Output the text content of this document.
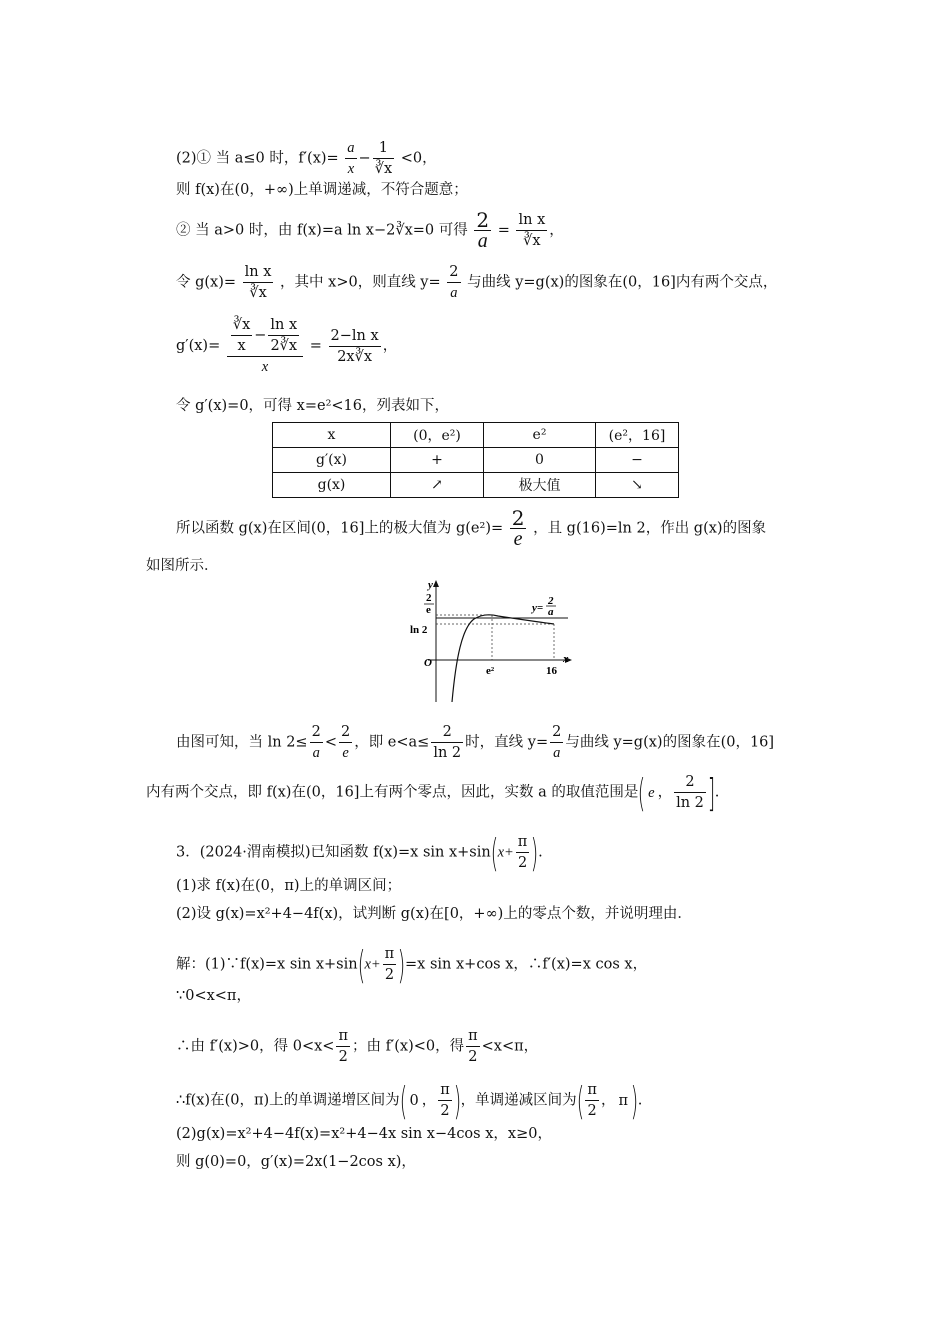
(2)① 当 a≤0 时，$f'(x)= \frac{a}{x} - \frac{1}{∛x} <0$，
则 f(x)在(0，+∞)上单调递减，不符合题意；
② 当 a>0 时，由 f(x)=a ln x−2∛x=0 可得 $\frac{2}{a} = \frac{\text{ln x}}{∛x}$ ，
令 $g(x)= \frac{\text{ln x}}{∛x}$ ，其中 x>0，则直线 $y= \frac{2}{a}$ 与曲线 y=g(x)的图象在(0，16]内有两个交点，
$g'(x)= \frac{\frac{∛x}{x} - \frac{\text{ln x}}{2∛x}}{x} = \frac{\text{2−ln x}}{2x∛x}$ ，
令 g′(x)=0，可得 x=e²<16，列表如下，
x	(0，e²)	e²	(e²，16]
g′(x)	+	0	−
g(x)	↗	极大值	↘
所以函数 g(x)在区间(0，16]上的极大值为 $g(e^2)= \frac{2}{e}$ ，且 g(16)=ln 2，作出 g(x)的图象
如图所示．
y
x
O
2
e
ln 2
e²	16
y=
2
a
由图可知，当 $\ln 2\le \frac{2}{a} < \frac{2}{e}$ ，即 $e<a\le \frac{2}{\ln 2}$ 时，直线 $y= \frac{2}{a}$ 与曲线 y=g(x)的图象在(0，16]
内有两个交点，即 f(x)在(0，16]上有两个零点，因此，实数 a 的取值范围是( e ， $\frac{2}{\ln 2}$ ].
3．(2024·渭南模拟)已知函数 f(x)=x $\sin x+\sin(x+ \frac{\pi}{2}$ ).
(1)求 f(x)在(0，π)上的单调区间；
(2)设 g(x)=x²+4−4f(x)，试判断 g(x)在[0，+∞)上的零点个数，并说明理由．
解：(1)∵f(x)=x $\sin x+\sin(x+ \frac{\pi}{2} )=x$ sin x+cos x，∴f′(x)=x cos x，
∵0<x<π，
∴由 f′(x)>0，得 $0<x< \frac{\pi}{2}$ ；由 f′(x)<0，得 $\frac{\pi}{2} <x<\pi$，
∴f(x)在(0，π)上的单调递增区间为( 0 ， $\frac{\pi}{2}$ )，单调递减区间为( $\frac{\pi}{2}$ ， π).
(2)g(x)=x²+4−4f(x)=x²+4−4x sin x−4cos x，x≥0，
则 g(0)=0，g′(x)=2x(1−2cos x)，
